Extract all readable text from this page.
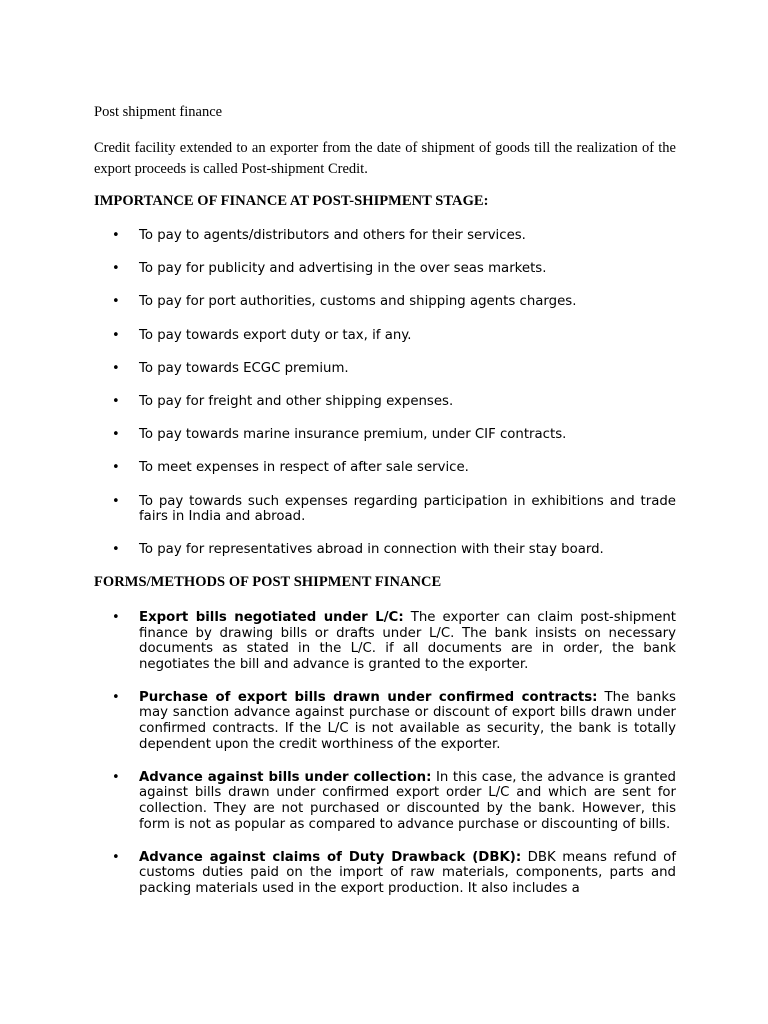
Post shipment finance
Credit facility extended to an exporter from the date of shipment of goods till the realization of the export proceeds is called Post-shipment Credit.
IMPORTANCE OF FINANCE AT POST-SHIPMENT STAGE:
• To pay to agents/distributors and others for their services.
• To pay for publicity and advertising in the over seas markets.
• To pay for port authorities, customs and shipping agents charges.
• To pay towards export duty or tax, if any.
• To pay towards ECGC premium.
• To pay for freight and other shipping expenses.
• To pay towards marine insurance premium, under CIF contracts.
• To meet expenses in respect of after sale service.
• To pay towards such expenses regarding participation in exhibitions and trade fairs in India and abroad.
• To pay for representatives abroad in connection with their stay board.
FORMS/METHODS OF POST SHIPMENT FINANCE
• Export bills negotiated under L/C: The exporter can claim post-shipment finance by drawing bills or drafts under L/C. The bank insists on necessary documents as stated in the L/C. if all documents are in order, the bank negotiates the bill and advance is granted to the exporter.
• Purchase of export bills drawn under confirmed contracts: The banks may sanction advance against purchase or discount of export bills drawn under confirmed contracts. If the L/C is not available as security, the bank is totally dependent upon the credit worthiness of the exporter.
• Advance against bills under collection: In this case, the advance is granted against bills drawn under confirmed export order L/C and which are sent for collection. They are not purchased or discounted by the bank. However, this form is not as popular as compared to advance purchase or discounting of bills.
• Advance against claims of Duty Drawback (DBK): DBK means refund of customs duties paid on the import of raw materials, components, parts and packing materials used in the export production. It also includes a
